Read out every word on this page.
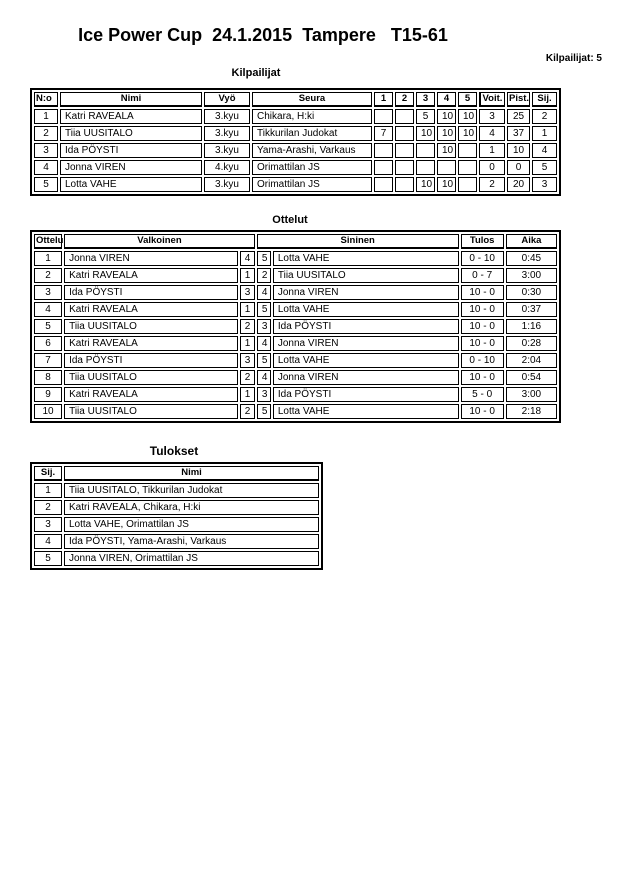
Ice Power Cup  24.1.2015  Tampere   T15-61
Kilpailijat: 5
Kilpailijat
N:o	Nimi	Vyö	Seura	1	2	3	4	5	Voit.	Pist.	Sij.
1	Katri RAVEALA	3.kyu	Chikara, H:ki			5	10	10	3	25	2
2	Tiia UUSITALO	3.kyu	Tikkurilan Judokat	7		10	10	10	4	37	1
3	Ida PÖYSTI	3.kyu	Yama-Arashi, Varkaus				10		1	10	4
4	Jonna VIREN	4.kyu	Orimattilan JS						0	0	5
5	Lotta VAHE	3.kyu	Orimattilan JS			10	10		2	20	3
Ottelut
Ottelu	Valkoinen		Sininen		Tulos	Aika
1	Jonna VIREN	4	5	Lotta VAHE	0 - 10	0:45
2	Katri RAVEALA	1	2	Tiia UUSITALO	0 - 7	3:00
3	Ida PÖYSTI	3	4	Jonna VIREN	10 - 0	0:30
4	Katri RAVEALA	1	5	Lotta VAHE	10 - 0	0:37
5	Tiia UUSITALO	2	3	Ida PÖYSTI	10 - 0	1:16
6	Katri RAVEALA	1	4	Jonna VIREN	10 - 0	0:28
7	Ida PÖYSTI	3	5	Lotta VAHE	0 - 10	2:04
8	Tiia UUSITALO	2	4	Jonna VIREN	10 - 0	0:54
9	Katri RAVEALA	1	3	Ida PÖYSTI	5 - 0	3:00
10	Tiia UUSITALO	2	5	Lotta VAHE	10 - 0	2:18
Tulokset
Sij.	Nimi
1	Tiia UUSITALO, Tikkurilan Judokat
2	Katri RAVEALA, Chikara, H:ki
3	Lotta VAHE, Orimattilan JS
4	Ida PÖYSTI, Yama-Arashi, Varkaus
5	Jonna VIREN, Orimattilan JS
